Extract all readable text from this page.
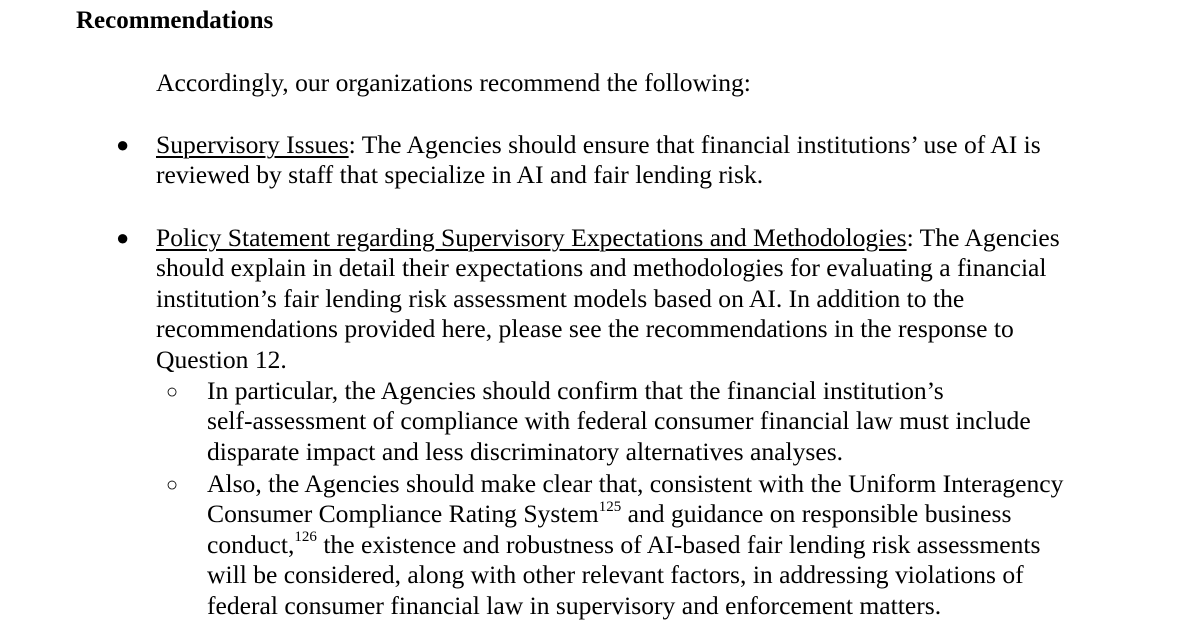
Recommendations
Accordingly, our organizations recommend the following:
● Supervisory Issues: The Agencies should ensure that financial institutions’ use of AI is
reviewed by staff that specialize in AI and fair lending risk.
● Policy Statement regarding Supervisory Expectations and Methodologies: The Agencies
should explain in detail their expectations and methodologies for evaluating a financial
institution’s fair lending risk assessment models based on AI. In addition to the
recommendations provided here, please see the recommendations in the response to
Question 12.
○ In particular, the Agencies should confirm that the financial institution’s
self-assessment of compliance with federal consumer financial law must include
disparate impact and less discriminatory alternatives analyses.
○ Also, the Agencies should make clear that, consistent with the Uniform Interagency
Consumer Compliance Rating System$^{125}$ and guidance on responsible business
conduct,$^{126}$ the existence and robustness of AI-based fair lending risk assessments
will be considered, along with other relevant factors, in addressing violations of
federal consumer financial law in supervisory and enforcement matters.
